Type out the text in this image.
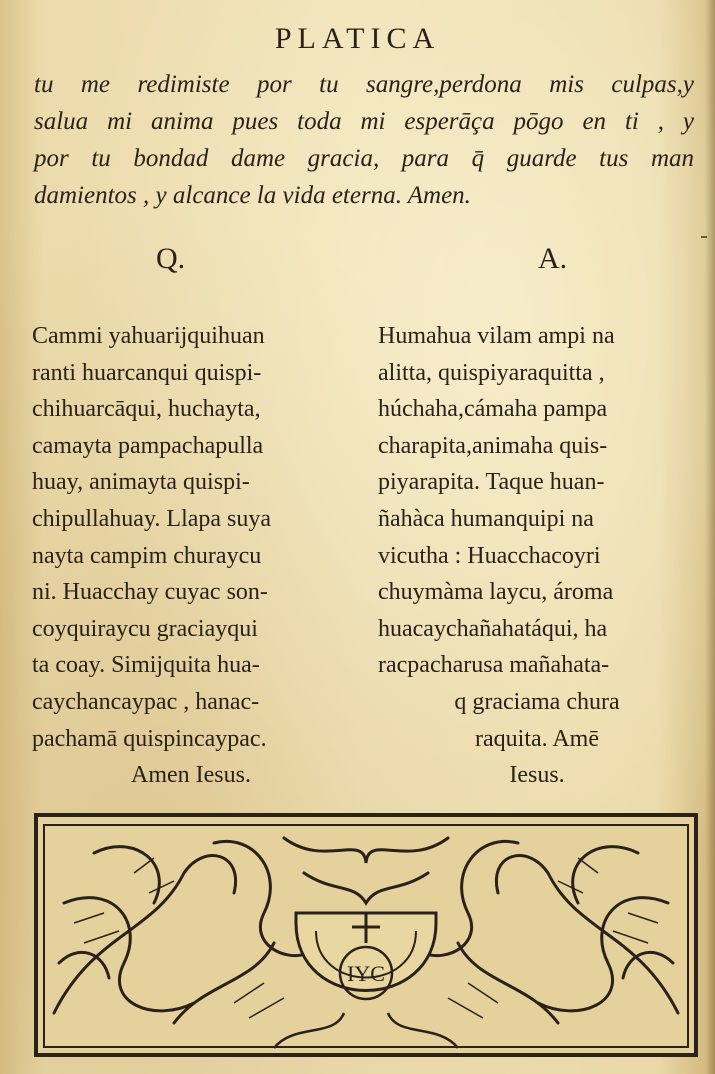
PLATICA
tu me redimiste por tu sangre,perdona mis culpas,y
salua mi anima pues toda mi esperāça pōgo en ti , y
por tu bondad dame gracia, para q̄ guarde tus man
damientos , y alcance la vida eterna. Amen.
Q.	A.
Cammi yahuarijquihuan
ranti huarcanqui quispi-
chihuarcāqui, huchayta,
camayta pampachapulla
huay, animayta quispi-
chipullahuay. Llapa suya
nayta campim churaycu
ni. Huacchay cuyac son-
coyquiraycu graciayqui
ta coay. Simijquita hua-
caychancaypac , hanac-
pachamā quispincaypac.
Amen Iesus.
Humahua vilam ampi na
alitta, quispiyaraquitta ,
húchaha,cámaha pampa
charapita,animaha quis-
piyarapita. Taque huan-
ñahàca humanquipi na
vicutha : Huacchacoyri
chuymàma laycu, ároma
huacaychañahatáqui, ha
racpacharusa mañahata-
q graciama chura
raquita. Amē
Iesus.
IYC
